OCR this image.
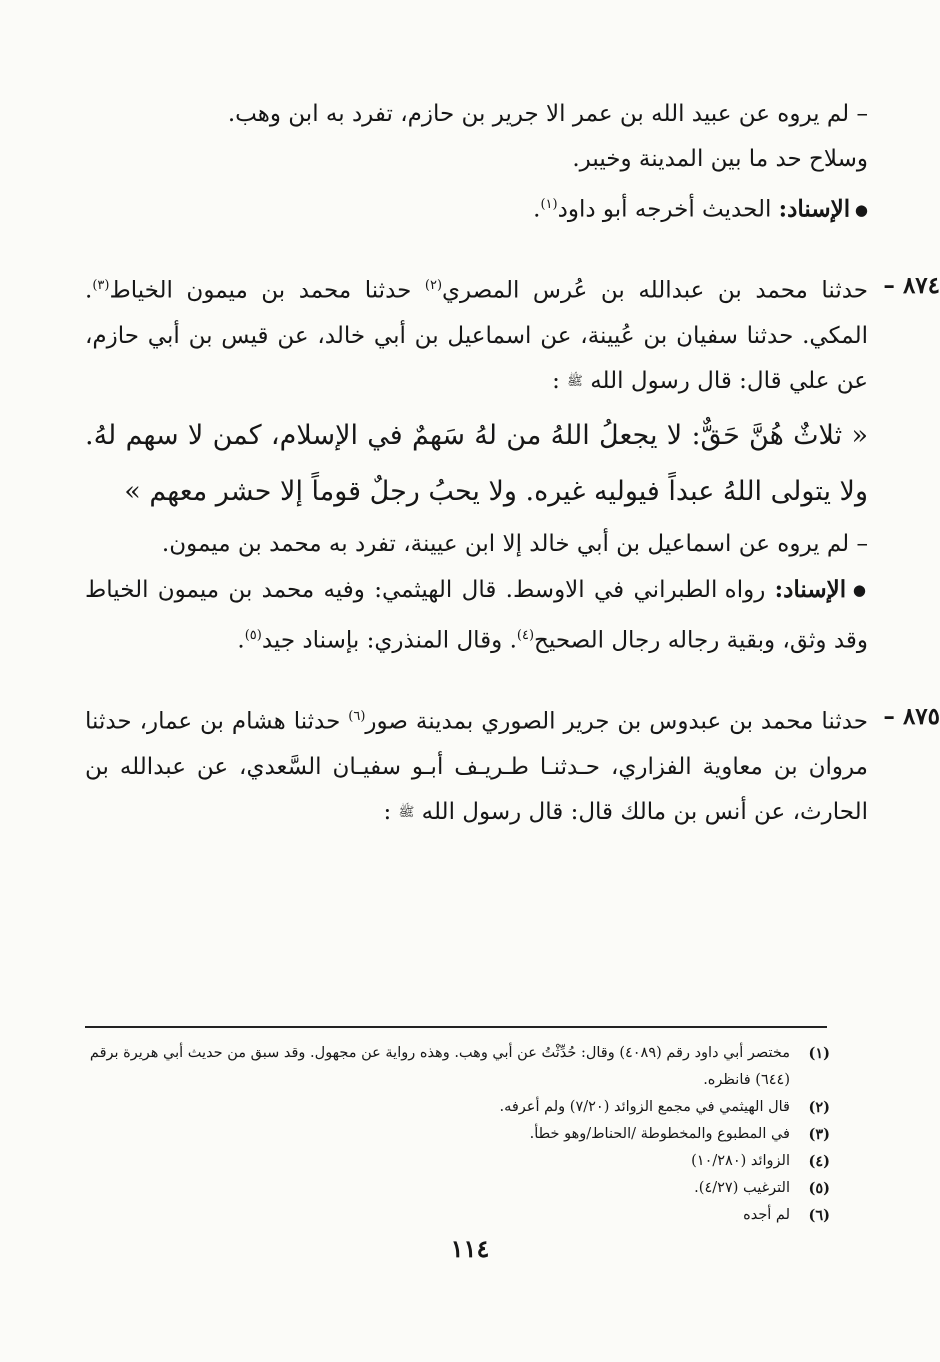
– لم يروه عن عبيد الله بن عمر الا جرير بن حازم، تفرد به ابن وهب.

وسلاح حد ما بين المدينة وخيبر.

● الإسناد: الحديث أخرجه أبو داود$^{(١)}$.

٨٧٤ –
حدثنا محمد بن عبدالله بن عُرس المصري$^{(٢)}$ حدثنا محمد بن ميمون الخياط$^{(٣)}$. المكي. حدثنا سفيان بن عُيينة، عن اسماعيل بن أبي خالد، عن قيس بن أبي حازم، عن علي قال: قال رسول الله ﷺ :

« ثلاثٌ هُنَّ حَقٌّ: لا يجعلُ اللهُ من لهُ سَهمٌ في الإسلام، كمن لا سهم لهُ. ولا يتولى اللهُ عبداً فيوليه غيره. ولا يحبُ رجلٌ قوماً إلا حشر معهم »

– لم يروه عن اسماعيل بن أبي خالد إلا ابن عيينة، تفرد به محمد بن ميمون.

● الإسناد: رواه الطبراني في الاوسط. قال الهيثمي: وفيه محمد بن ميمون الخياط وقد وثق، وبقية رجاله رجال الصحيح$^{(٤)}$. وقال المنذري: بإسناد جيد$^{(٥)}$.

٨٧٥ –
حدثنا محمد بن عبدوس بن جرير الصوري بمدينة صور$^{(٦)}$ حدثنا هشام بن عمار، حدثنا مروان بن معاوية الفزاري، حـدثنـا طـريـف أبـو سفيـان السَّعدي، عن عبدالله بن الحارث، عن أنس بن مالك قال: قال رسول الله ﷺ :

(١)
مختصر أبي داود رقم (٤٠٨٩) وقال: حُدِّثْتُ عن أبي وهب. وهذه رواية عن مجهول. وقد سبق من حديث أبي هريرة برقم (٦٤٤) فانظره.
(٢)
قال الهيثمي في مجمع الزوائد (٧/٢٠) ولم أعرفه.
(٣)
في المطبوع والمخطوطة /الحناط/وهو خطأ.
(٤)
الزوائد (١٠/٢٨٠)
(٥)
الترغيب (٤/٢٧).
(٦)
لم أجده
١١٤
